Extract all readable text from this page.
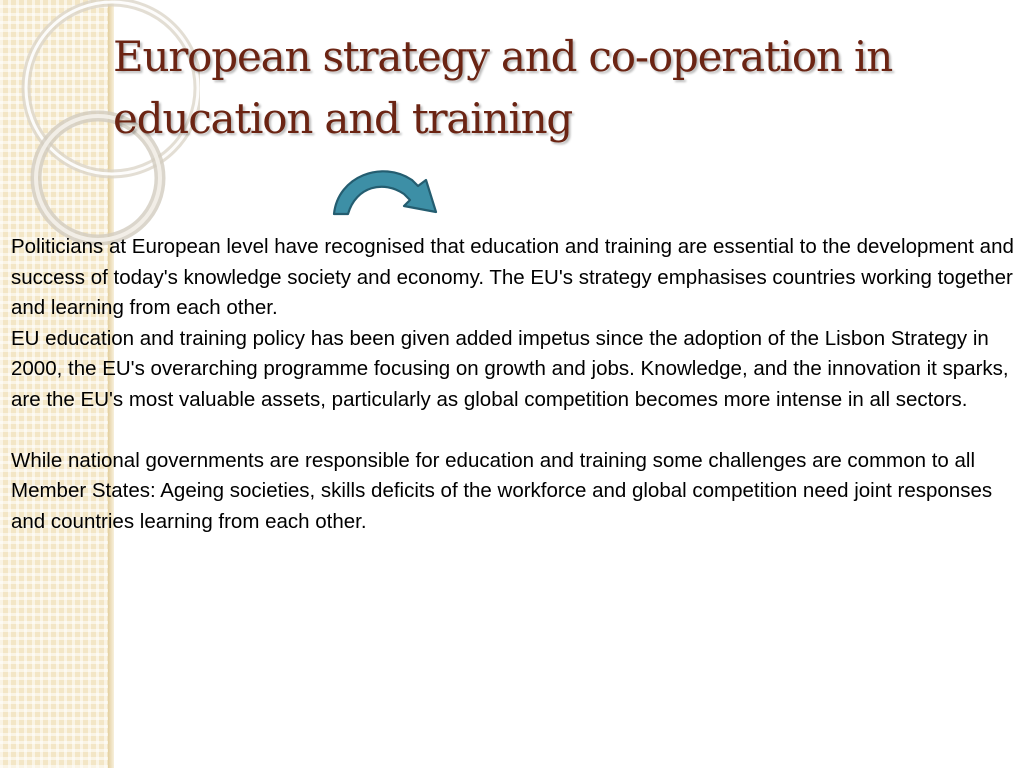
European strategy and co-operation in education and training

Politicians at European level have recognised that education and training are essential to the development and success of today's knowledge society and economy. The EU's strategy emphasises countries working together and learning from each other.

EU education and training policy has been given added impetus since the adoption of the Lisbon Strategy in 2000, the EU's overarching programme focusing on growth and jobs. Knowledge, and the innovation it sparks, are the EU's most valuable assets, particularly as global competition becomes more intense in all sectors.

While national governments are responsible for education and training some challenges are common to all Member States: Ageing societies, skills deficits of the workforce and global competition need joint responses and countries learning from each other.
